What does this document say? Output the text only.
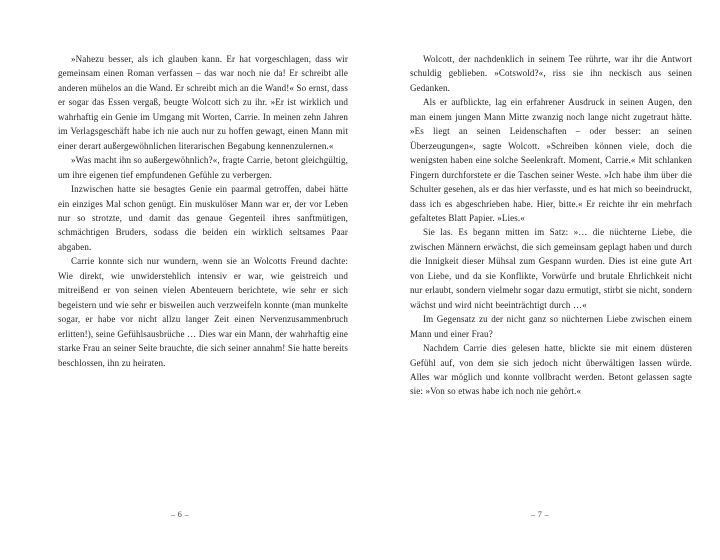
»Nahezu besser, als ich glauben kann. Er hat vorgeschlagen, dass wir gemeinsam einen Roman verfassen – das war noch nie da! Er schreibt alle anderen mühelos an die Wand. Er schreibt mich an die Wand!« So ernst, dass er sogar das Essen vergaß, beugte Wolcott sich zu ihr. »Er ist wirklich und wahrhaftig ein Genie im Umgang mit Worten, Carrie. In meinen zehn Jahren im Verlagsgeschäft habe ich nie auch nur zu hoffen gewagt, einen Mann mit einer derart außergewöhnlichen literarischen Begabung kennenzulernen.«

»Was macht ihn so außergewöhnlich?«, fragte Carrie, betont gleichgültig, um ihre eigenen tief empfundenen Gefühle zu verbergen.

Inzwischen hatte sie besagtes Genie ein paarmal getroffen, dabei hätte ein einziges Mal schon genügt. Ein muskulöser Mann war er, der vor Leben nur so strotzte, und damit das genaue Gegenteil ihres sanftmütigen, schmächtigen Bruders, sodass die beiden ein wirklich seltsames Paar abgaben.

Carrie konnte sich nur wundern, wenn sie an Wolcotts Freund dachte: Wie direkt, wie unwiderstehlich intensiv er war, wie geistreich und mitreißend er von seinen vielen Abenteuern berichtete, wie sehr er sich begeistern und wie sehr er bisweilen auch verzweifeln konnte (man munkelte sogar, er habe vor nicht allzu langer Zeit einen Nervenzusammenbruch erlitten!), seine Gefühlsausbrüche … Dies war ein Mann, der wahrhaftig eine starke Frau an seiner Seite brauchte, die sich seiner annahm! Sie hatte bereits beschlossen, ihn zu heiraten.

– 6 –

Wolcott, der nachdenklich in seinem Tee rührte, war ihr die Antwort schuldig geblieben. »Cotswold?«, riss sie ihn neckisch aus seinen Gedanken.

Als er aufblickte, lag ein erfahrener Ausdruck in seinen Augen, den man einem jungen Mann Mitte zwanzig noch lange nicht zugetraut hätte. »Es liegt an seinen Leidenschaften – oder besser: an seinen Überzeugungen«, sagte Wolcott. »Schreiben können viele, doch die wenigsten haben eine solche Seelenkraft. Moment, Carrie.« Mit schlanken Fingern durchforstete er die Taschen seiner Weste. »Ich habe ihm über die Schulter gesehen, als er das hier verfasste, und es hat mich so beeindruckt, dass ich es abgeschrieben habe. Hier, bitte.« Er reichte ihr ein mehrfach gefaltetes Blatt Papier. »Lies.«

Sie las. Es begann mitten im Satz: »… die nüchterne Liebe, die zwischen Männern erwächst, die sich gemeinsam geplagt haben und durch die Innigkeit dieser Mühsal zum Gespann wurden. Dies ist eine gute Art von Liebe, und da sie Konflikte, Vorwürfe und brutale Ehrlichkeit nicht nur erlaubt, sondern vielmehr sogar dazu ermutigt, stirbt sie nicht, sondern wächst und wird nicht beeinträchtigt durch …«

Im Gegensatz zu der nicht ganz so nüchternen Liebe zwischen einem Mann und einer Frau?

Nachdem Carrie dies gelesen hatte, blickte sie mit einem düsteren Gefühl auf, von dem sie sich jedoch nicht überwältigen lassen würde. Alles war möglich und konnte vollbracht werden. Betont gelassen sagte sie: »Von so etwas habe ich noch nie gehört.«

– 7 –
